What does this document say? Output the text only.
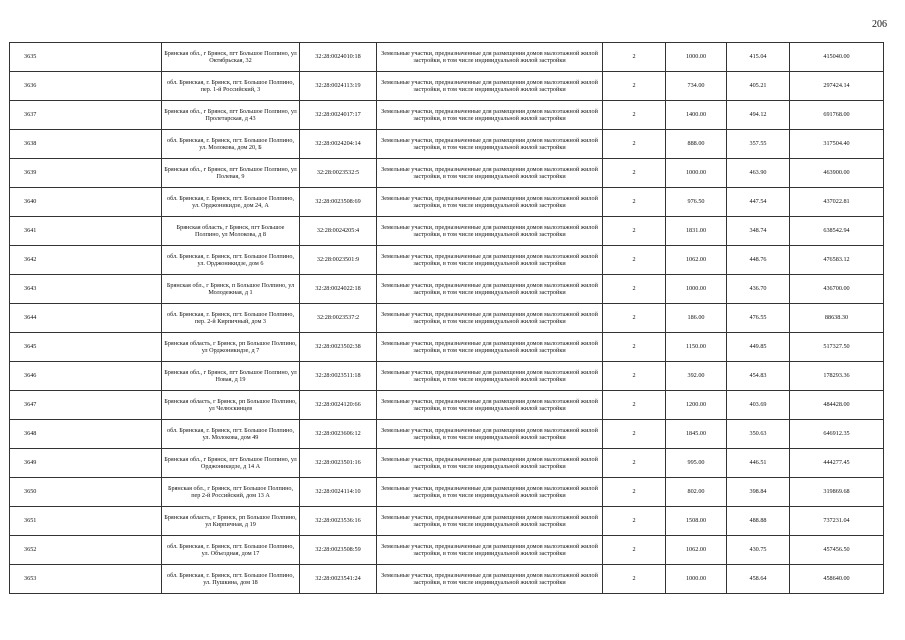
206
3635	Брянская обл., г Брянск, пгт Большое Полпино, ул Октябрьская, 32	32:28:0024010:18	Земельные участки, предназначенные для размещения домов малоэтажной жилой застройки, в том числе индивидуальной жилой застройки	2	1000.00	415.04	415040.00

3636	обл. Брянская, г. Брянск, пгт. Большое Полпино, пер. 1-й Российский, 3	32:28:0024113:19	Земельные участки, предназначенные для размещения домов малоэтажной жилой застройки, в том числе индивидуальной жилой застройки	2	734.00	405.21	297424.14

3637	Брянская обл., г Брянск, пгт Большое Полпино, ул Пролетарская, д 43	32:28:0024017:17	Земельные участки, предназначенные для размещения домов малоэтажной жилой застройки, в том числе индивидуальной жилой застройки	2	1400.00	494.12	691768.00

3638	обл. Брянская, г. Брянск, пгт. Большое Полпино, ул. Молокова, дом 20, Б	32:28:0024204:14	Земельные участки, предназначенные для размещения домов малоэтажной жилой застройки, в том числе индивидуальной жилой застройки	2	888.00	357.55	317504.40

3639	Брянская обл., г Брянск, пгт Большое Полпино, ул Полевая, 9	32:28:0023532:5	Земельные участки, предназначенные для размещения домов малоэтажной жилой застройки, в том числе индивидуальной жилой застройки	2	1000.00	463.90	463900.00

3640	обл. Брянская, г. Брянск, пгт. Большое Полпино, ул. Орджоникидзе, дом 24, А	32:28:0023508:69	Земельные участки, предназначенные для размещения домов малоэтажной жилой застройки, в том числе индивидуальной жилой застройки	2	976.50	447.54	437022.81

3641	Брянская область, г Брянск, пгт Большое Полпино, ул Молокова, д 8	32:28:0024205:4	Земельные участки, предназначенные для размещения домов малоэтажной жилой застройки, в том числе индивидуальной жилой застройки	2	1831.00	348.74	638542.94

3642	обл. Брянская, г. Брянск, пгт. Большое Полпино, ул. Орджоникидзе, дом 6	32:28:0023501:9	Земельные участки, предназначенные для размещения домов малоэтажной жилой застройки, в том числе индивидуальной жилой застройки	2	1062.00	448.76	476583.12

3643	Брянская обл., г Брянск, п Большое Полпино, ул Молодежная, д 1	32:28:0024022:18	Земельные участки, предназначенные для размещения домов малоэтажной жилой застройки, в том числе индивидуальной жилой застройки	2	1000.00	436.70	436700.00

3644	обл. Брянская, г. Брянск, пгт. Большое Полпино, пер. 2-й Кирпичный, дом 3	32:28:0023537:2	Земельные участки, предназначенные для размещения домов малоэтажной жилой застройки, в том числе индивидуальной жилой застройки	2	186.00	476.55	88638.30

3645	Брянская область, г Брянск, рп Большое Полпино, ул Орджоникидзе, д 7	32:28:0023502:38	Земельные участки, предназначенные для размещения домов малоэтажной жилой застройки, в том числе индивидуальной жилой застройки	2	1150.00	449.85	517327.50

3646	Брянская обл., г Брянск, пгт Большое Полпино, ул Новая, д 19	32:28:0023511:18	Земельные участки, предназначенные для размещения домов малоэтажной жилой застройки, в том числе индивидуальной жилой застройки	2	392.00	454.83	178293.36

3647	Брянская область, г Брянск, рп Большое Полпино, ул Челюскинцев	32:28:0024120:66	Земельные участки, предназначенные для размещения домов малоэтажной жилой застройки, в том числе индивидуальной жилой застройки	2	1200.00	403.69	484428.00

3648	обл. Брянская, г. Брянск, пгт. Большое Полпино, ул. Молокова, дом 49	32:28:0023606:12	Земельные участки, предназначенные для размещения домов малоэтажной жилой застройки, в том числе индивидуальной жилой застройки	2	1845.00	350.63	646912.35

3649	Брянская обл., г Брянск, пгт Большое Полпино, ул Орджоникидзе, д 14 А	32:28:0023501:16	Земельные участки, предназначенные для размещения домов малоэтажной жилой застройки, в том числе индивидуальной жилой застройки	2	995.00	446.51	444277.45

3650	Брянская обл., г Брянск, пгт Большое Полпино, пер 2-й Российский, дом 13 А	32:28:0024114:10	Земельные участки, предназначенные для размещения домов малоэтажной жилой застройки, в том числе индивидуальной жилой застройки	2	802.00	398.84	319869.68

3651	Брянская область, г Брянск, рп Большое Полпино, ул Кирпичная, д 19	32:28:0023536:16	Земельные участки, предназначенные для размещения домов малоэтажной жилой застройки, в том числе индивидуальной жилой застройки	2	1508.00	488.88	737231.04

3652	обл. Брянская, г. Брянск, пгт. Большое Полпино, ул. Объездная, дом 17	32:28:0023508:59	Земельные участки, предназначенные для размещения домов малоэтажной жилой застройки, в том числе индивидуальной жилой застройки	2	1062.00	430.75	457456.50

3653	обл. Брянская, г. Брянск, пгт. Большое Полпино, ул. Пушкина, дом 18	32:28:0023541:24	Земельные участки, предназначенные для размещения домов малоэтажной жилой застройки, в том числе индивидуальной жилой застройки	2	1000.00	458.64	458640.00
